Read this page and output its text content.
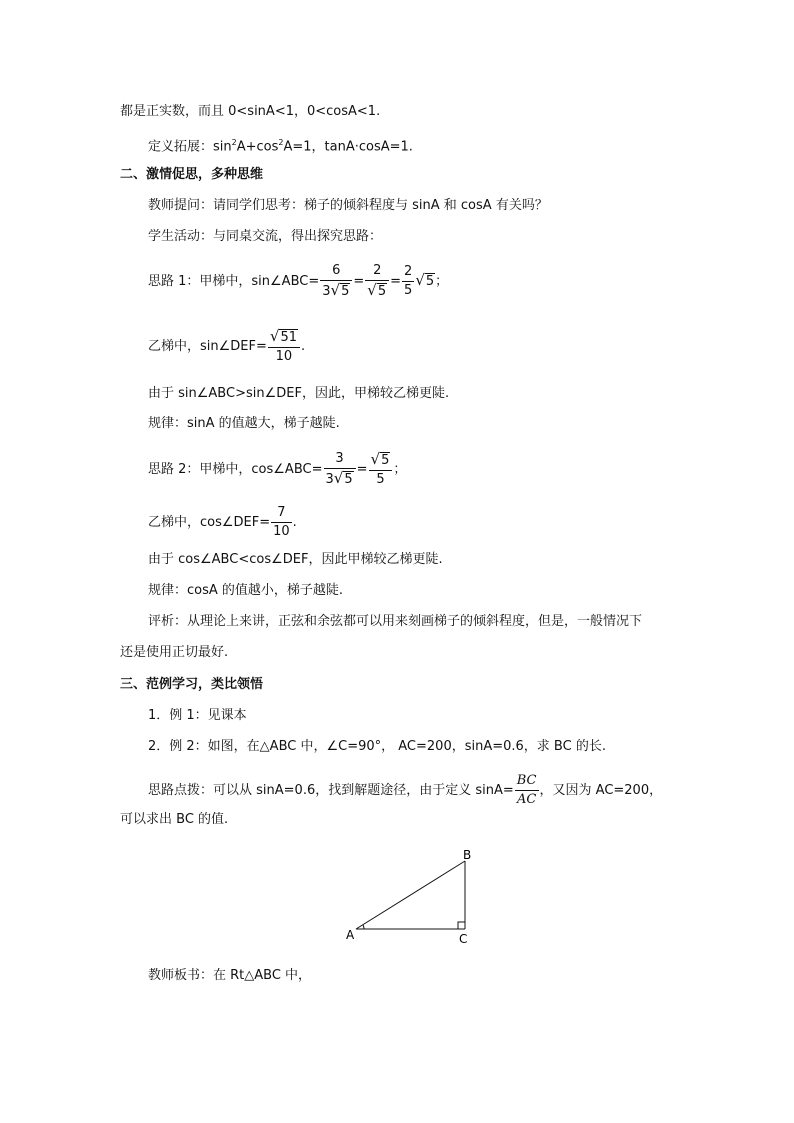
都是正实数，而且 0<sinA<1，0<cosA<1.
定义拓展：$\sin^2A+\cos^2A=1$，tanA·cosA=1.
二、激情促思，多种思维
教师提问：请同学们思考：梯子的倾斜程度与 sinA 和 cosA 有关吗？
学生活动：与同桌交流，得出探究思路：
思路 1：甲梯中，sin∠ABC= $\frac{6}{3√5} = \frac{2}{√5} = \frac{2}{5} √5$；
乙梯中，sin∠DEF= $\frac{√51}{10}$ .
由于 sin∠ABC>sin∠DEF，因此，甲梯较乙梯更陡.
规律：sinA 的值越大，梯子越陡.
思路 2：甲梯中，cos∠ABC= $\frac{3}{3√5} = \frac{√5}{5}$ ；
乙梯中，cos∠DEF= $\frac{7}{10}$ .
由于 cos∠ABC<cos∠DEF，因此甲梯较乙梯更陡.
规律：cosA 的值越小，梯子越陡.
评析：从理论上来讲，正弦和余弦都可以用来刻画梯子的倾斜程度，但是，一般情况下
还是使用正切最好.
三、范例学习，类比领悟
1．例 1：见课本
2．例 2：如图，在△ABC 中，∠C=90°， AC=200，sinA=0.6，求 BC 的长.
思路点拨：可以从 sinA=0.6，找到解题途径，由于定义 $\sin A= \frac{BC}{AC}$ ，又因为 AC=200，
可以求出 BC 的值.
A
B
C
教师板书：在 Rt△ABC 中，
